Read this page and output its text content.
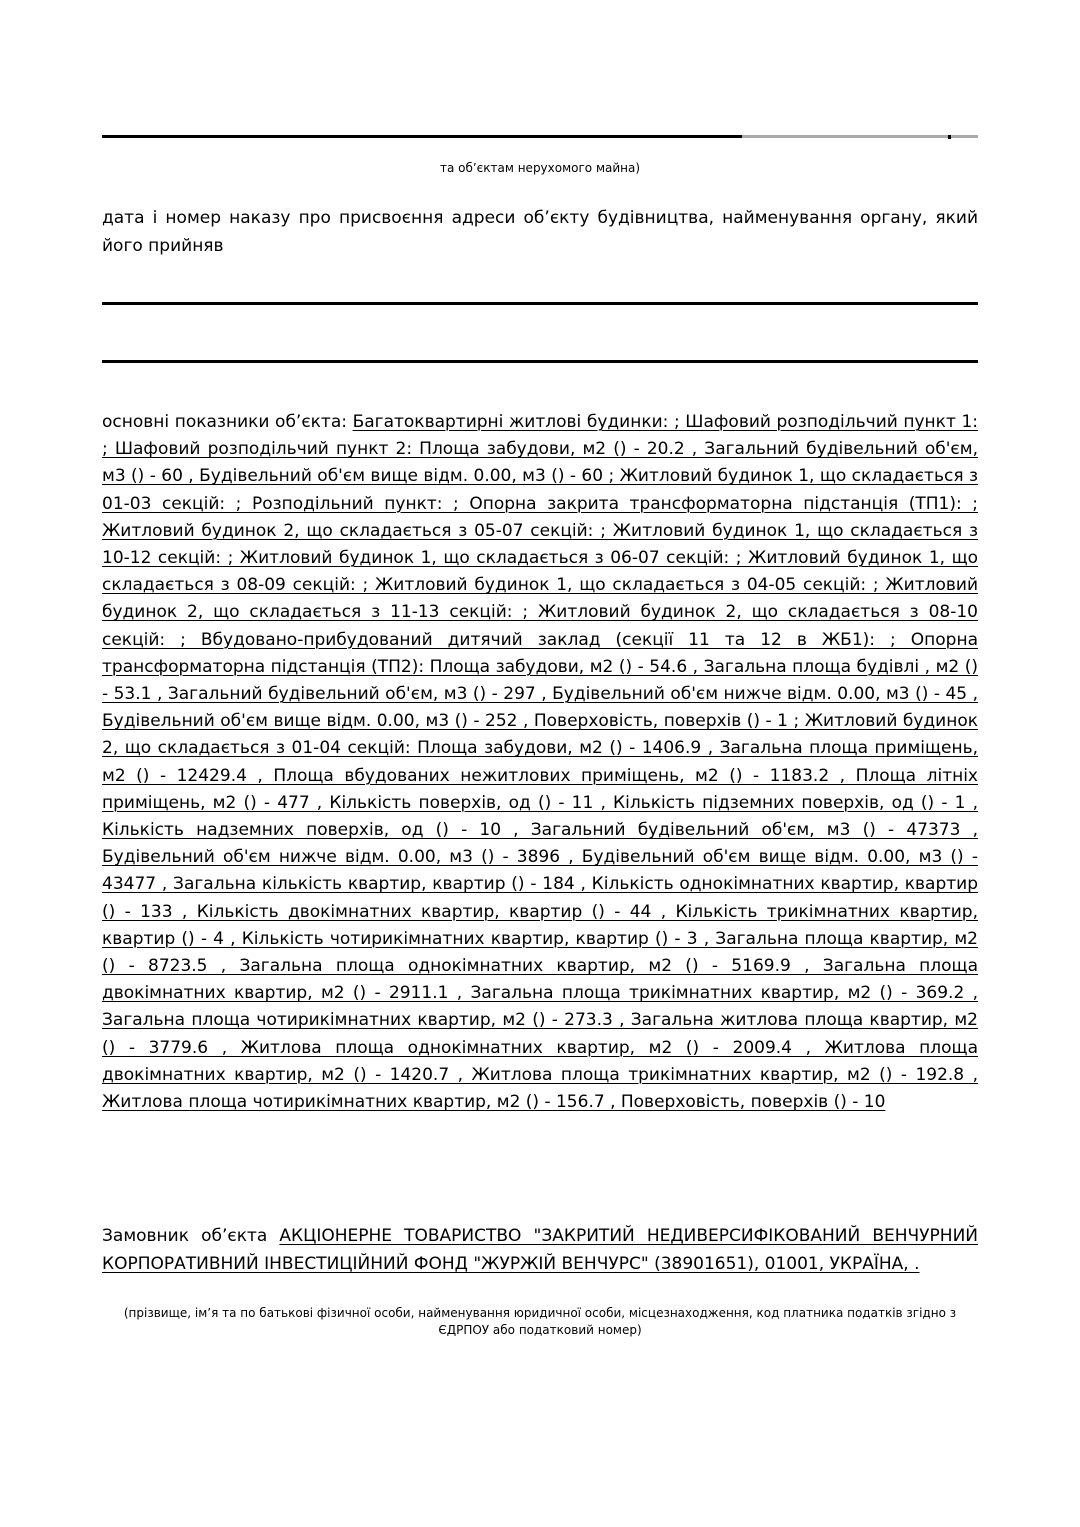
та об’єктам нерухомого майна)
дата і номер наказу про присвоєння адреси об’єкту будівництва, найменування органу, який його прийняв
основні показники об’єкта: Багатоквартирні житлові будинки: ; Шафовий розподільчий пункт 1: ; Шафовий розподільчий пункт 2: Площа забудови, м2 () - 20.2 , Загальний будівельний об'єм, м3 () - 60 , Будівельний об'єм вище відм. 0.00, м3 () - 60 ; Житловий будинок 1, що складається з 01-03 секцій: ; Розподільний пункт: ; Опорна закрита трансформаторна підстанція (ТП1): ; Житловий будинок 2, що складається з 05-07 секцій: ; Житловий будинок 1, що складається з 10-12 секцій: ; Житловий будинок 1, що складається з 06-07 секцій: ; Житловий будинок 1, що складається з 08-09 секцій: ; Житловий будинок 1, що складається з 04-05 секцій: ; Житловий будинок 2, що складається з 11-13 секцій: ; Житловий будинок 2, що складається з 08-10 секцій: ; Вбудовано-прибудований дитячий заклад (секції 11 та 12 в ЖБ1): ; Опорна трансформаторна підстанція (ТП2): Площа забудови, м2 () - 54.6 , Загальна площа будівлі , м2 () - 53.1 , Загальний будівельний об'єм, м3 () - 297 , Будівельний об'єм нижче відм. 0.00, м3 () - 45 , Будівельний об'єм вище відм. 0.00, м3 () - 252 , Поверховість, поверхів () - 1 ; Житловий будинок 2, що складається з 01-04 секцій: Площа забудови, м2 () - 1406.9 , Загальна площа приміщень, м2 () - 12429.4 , Площа вбудованих нежитлових приміщень, м2 () - 1183.2 , Площа літніх приміщень, м2 () - 477 , Кількість поверхів, од () - 11 , Кількість підземних поверхів, од () - 1 , Кількість надземних поверхів, од () - 10 , Загальний будівельний об'єм, м3 () - 47373 , Будівельний об'єм нижче відм. 0.00, м3 () - 3896 , Будівельний об'єм вище відм. 0.00, м3 () - 43477 , Загальна кількість квартир, квартир () - 184 , Кількість однокімнатних квартир, квартир () - 133 , Кількість двокімнатних квартир, квартир () - 44 , Кількість трикімнатних квартир, квартир () - 4 , Кількість чотирикімнатних квартир, квартир () - 3 , Загальна площа квартир, м2 () - 8723.5 , Загальна площа однокімнатних квартир, м2 () - 5169.9 , Загальна площа двокімнатних квартир, м2 () - 2911.1 , Загальна площа трикімнатних квартир, м2 () - 369.2 , Загальна площа чотирикімнатних квартир, м2 () - 273.3 , Загальна житлова площа квартир, м2 () - 3779.6 , Житлова площа однокімнатних квартир, м2 () - 2009.4 , Житлова площа двокімнатних квартир, м2 () - 1420.7 , Житлова площа трикімнатних квартир, м2 () - 192.8 , Житлова площа чотирикімнатних квартир, м2 () - 156.7 , Поверховість, поверхів () - 10
Замовник об’єкта АКЦІОНЕРНЕ ТОВАРИСТВО "ЗАКРИТИЙ НЕДИВЕРСИФІКОВАНИЙ ВЕНЧУРНИЙ КОРПОРАТИВНИЙ ІНВЕСТИЦІЙНИЙ ФОНД "ЖУРЖІЙ ВЕНЧУРС" (38901651), 01001, УКРАЇНА, .
(прізвище, ім’я та по батькові фізичної особи, найменування юридичної особи, місцезнаходження, код платника податків згідно з ЄДРПОУ або податковий номер)
